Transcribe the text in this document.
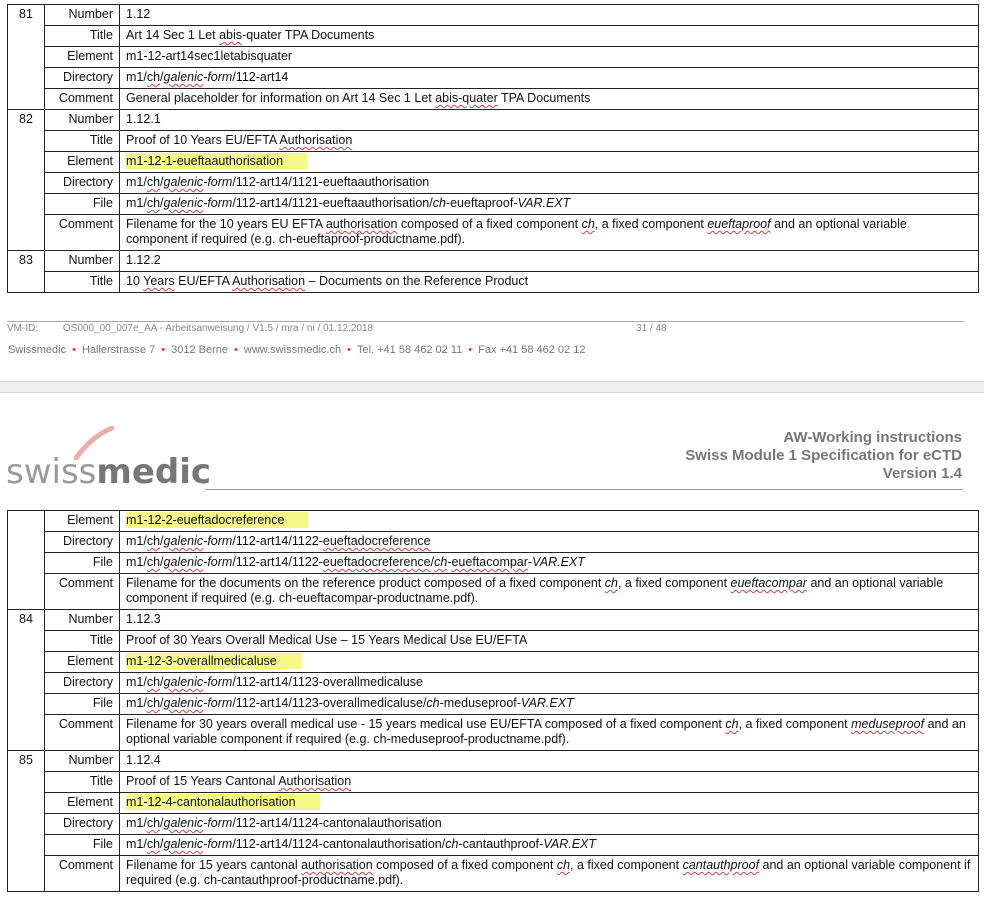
81	Number	1.12
	Title	Art 14 Sec 1 Let abis-quater TPA Documents
	Element	m1-12-art14sec1letabisquater
	Directory	m1/ch/galenic-form/112-art14
	Comment	General placeholder for information on Art 14 Sec 1 Let abis-quater TPA Documents
82	Number	1.12.1
	Title	Proof of 10 Years EU/EFTA Authorisation
	Element	m1-12-1-eueftaauthorisation
	Directory	m1/ch/galenic-form/112-art14/1121-eueftaauthorisation
	File	m1/ch/galenic-form/112-art14/1121-eueftaauthorisation/ch-eueftaproof-VAR.EXT
	Comment	Filename for the 10 years EU EFTA authorisation composed of a fixed component ch, a fixed component eueftaproof and an optional variable component if required (e.g. ch-eueftaproof-productname.pdf).
83	Number	1.12.2
	Title	10 Years EU/EFTA Authorisation – Documents on the Reference Product
VM-ID: OS000_00_007e_AA - Arbeitsanweisung / V1.5 / mra / ni / 01.12.2018	31 / 48
Swissmedic • Hallerstrasse 7 • 3012 Berne • www.swissmedic.ch • Tel. +41 58 462 02 11 • Fax +41 58 462 02 12
swissmedic
AW-Working instructions
Swiss Module 1 Specification for eCTD
Version 1.4
	Element	m1-12-2-eueftadocreference
	Directory	m1/ch/galenic-form/112-art14/1122-eueftadocreference
	File	m1/ch/galenic-form/112-art14/1122-eueftadocreference/ch-eueftacompar-VAR.EXT
	Comment	Filename for the documents on the reference product composed of a fixed component ch, a fixed component eueftacompar and an optional variable component if required (e.g. ch-eueftacompar-productname.pdf).
84	Number	1.12.3
	Title	Proof of 30 Years Overall Medical Use – 15 Years Medical Use EU/EFTA
	Element	m1-12-3-overallmedicaluse
	Directory	m1/ch/galenic-form/112-art14/1123-overallmedicaluse
	File	m1/ch/galenic-form/112-art14/1123-overallmedicaluse/ch-meduseproof-VAR.EXT
	Comment	Filename for 30 years overall medical use - 15 years medical use EU/EFTA composed of a fixed component ch, a fixed component meduseproof and an optional variable component if required (e.g. ch-meduseproof-productname.pdf).
85	Number	1.12.4
	Title	Proof of 15 Years Cantonal Authorisation
	Element	m1-12-4-cantonalauthorisation
	Directory	m1/ch/galenic-form/112-art14/1124-cantonalauthorisation
	File	m1/ch/galenic-form/112-art14/1124-cantonalauthorisation/ch-cantauthproof-VAR.EXT
	Comment	Filename for 15 years cantonal authorisation composed of a fixed component ch, a fixed component cantauthproof and an optional variable component if required (e.g. ch-cantauthproof-productname.pdf).
